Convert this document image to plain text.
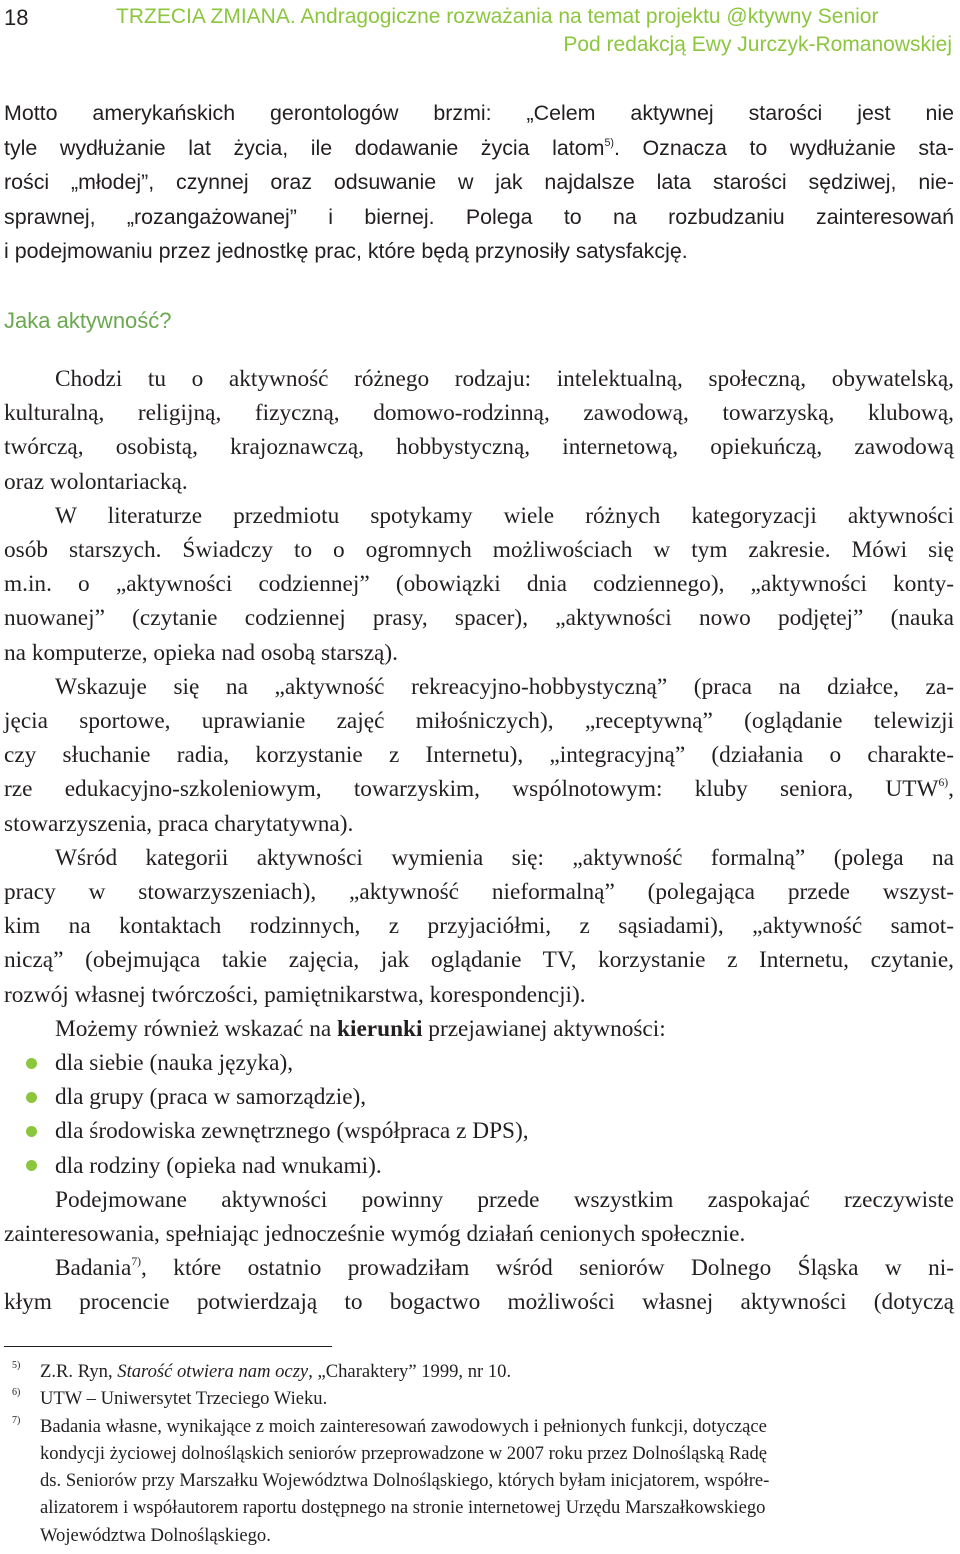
18	TRZECIA ZMIANA. Andragogiczne rozważania na temat projektu @ktywny Senior
Pod redakcją Ewy Jurczyk-Romanowskiej
Motto amerykańskich gerontologów brzmi: „Celem aktywnej starości jest nie
tyle wydłużanie lat życia, ile dodawanie życia latom$^{5)}$. Oznacza to wydłużanie sta-
rości „młodej”, czynnej oraz odsuwanie w jak najdalsze lata starości sędziwej, nie-
sprawnej, „rozangażowanej” i biernej. Polega to na rozbudzaniu zainteresowań
i podejmowaniu przez jednostkę prac, które będą przynosiły satysfakcję.
Jaka aktywność?
Chodzi tu o aktywność różnego rodzaju: intelektualną, społeczną, obywatelską,
kulturalną, religijną, fizyczną, domowo-rodzinną, zawodową, towarzyską, klubową,
twórczą, osobistą, krajoznawczą, hobbystyczną, internetową, opiekuńczą, zawodową
oraz wolontariacką.
W literaturze przedmiotu spotykamy wiele różnych kategoryzacji aktywności
osób starszych. Świadczy to o ogromnych możliwościach w tym zakresie. Mówi się
m.in. o „aktywności codziennej” (obowiązki dnia codziennego), „aktywności konty-
nuowanej” (czytanie codziennej prasy, spacer), „aktywności nowo podjętej” (nauka
na komputerze, opieka nad osobą starszą).
Wskazuje się na „aktywność rekreacyjno-hobbystyczną” (praca na działce, za-
jęcia sportowe, uprawianie zajęć miłośniczych), „receptywną” (oglądanie telewizji
czy słuchanie radia, korzystanie z Internetu), „integracyjną” (działania o charakte-
rze edukacyjno-szkoleniowym, towarzyskim, wspólnotowym: kluby seniora, UTW$^{6)}$,
stowarzyszenia, praca charytatywna).
Wśród kategorii aktywności wymienia się: „aktywność formalną” (polega na
pracy w stowarzyszeniach), „aktywność nieformalną” (polegająca przede wszyst-
kim na kontaktach rodzinnych, z przyjaciółmi, z sąsiadami), „aktywność samot-
niczą” (obejmująca takie zajęcia, jak oglądanie TV, korzystanie z Internetu, czytanie,
rozwój własnej twórczości, pamiętnikarstwa, korespondencji).
Możemy również wskazać na kierunki przejawianej aktywności:
dla siebie (nauka języka),
dla grupy (praca w samorządzie),
dla środowiska zewnętrznego (współpraca z DPS),
dla rodziny (opieka nad wnukami).
Podejmowane aktywności powinny przede wszystkim zaspokajać rzeczywiste
zainteresowania, spełniając jednocześnie wymóg działań cenionych społecznie.
Badania$^{7)}$, które ostatnio prowadziłam wśród seniorów Dolnego Śląska w ni-
kłym procencie potwierdzają to bogactwo możliwości własnej aktywności (dotyczą
5) Z.R. Ryn, Starość otwiera nam oczy, „Charaktery” 1999, nr 10.
6) UTW – Uniwersytet Trzeciego Wieku.
7) Badania własne, wynikające z moich zainteresowań zawodowych i pełnionych funkcji, dotyczące
kondycji życiowej dolnośląskich seniorów przeprowadzone w 2007 roku przez Dolnośląską Radę
ds. Seniorów przy Marszałku Województwa Dolnośląskiego, których byłam inicjatorem, współre-
alizatorem i współautorem raportu dostępnego na stronie internetowej Urzędu Marszałkowskiego
Województwa Dolnośląskiego.
